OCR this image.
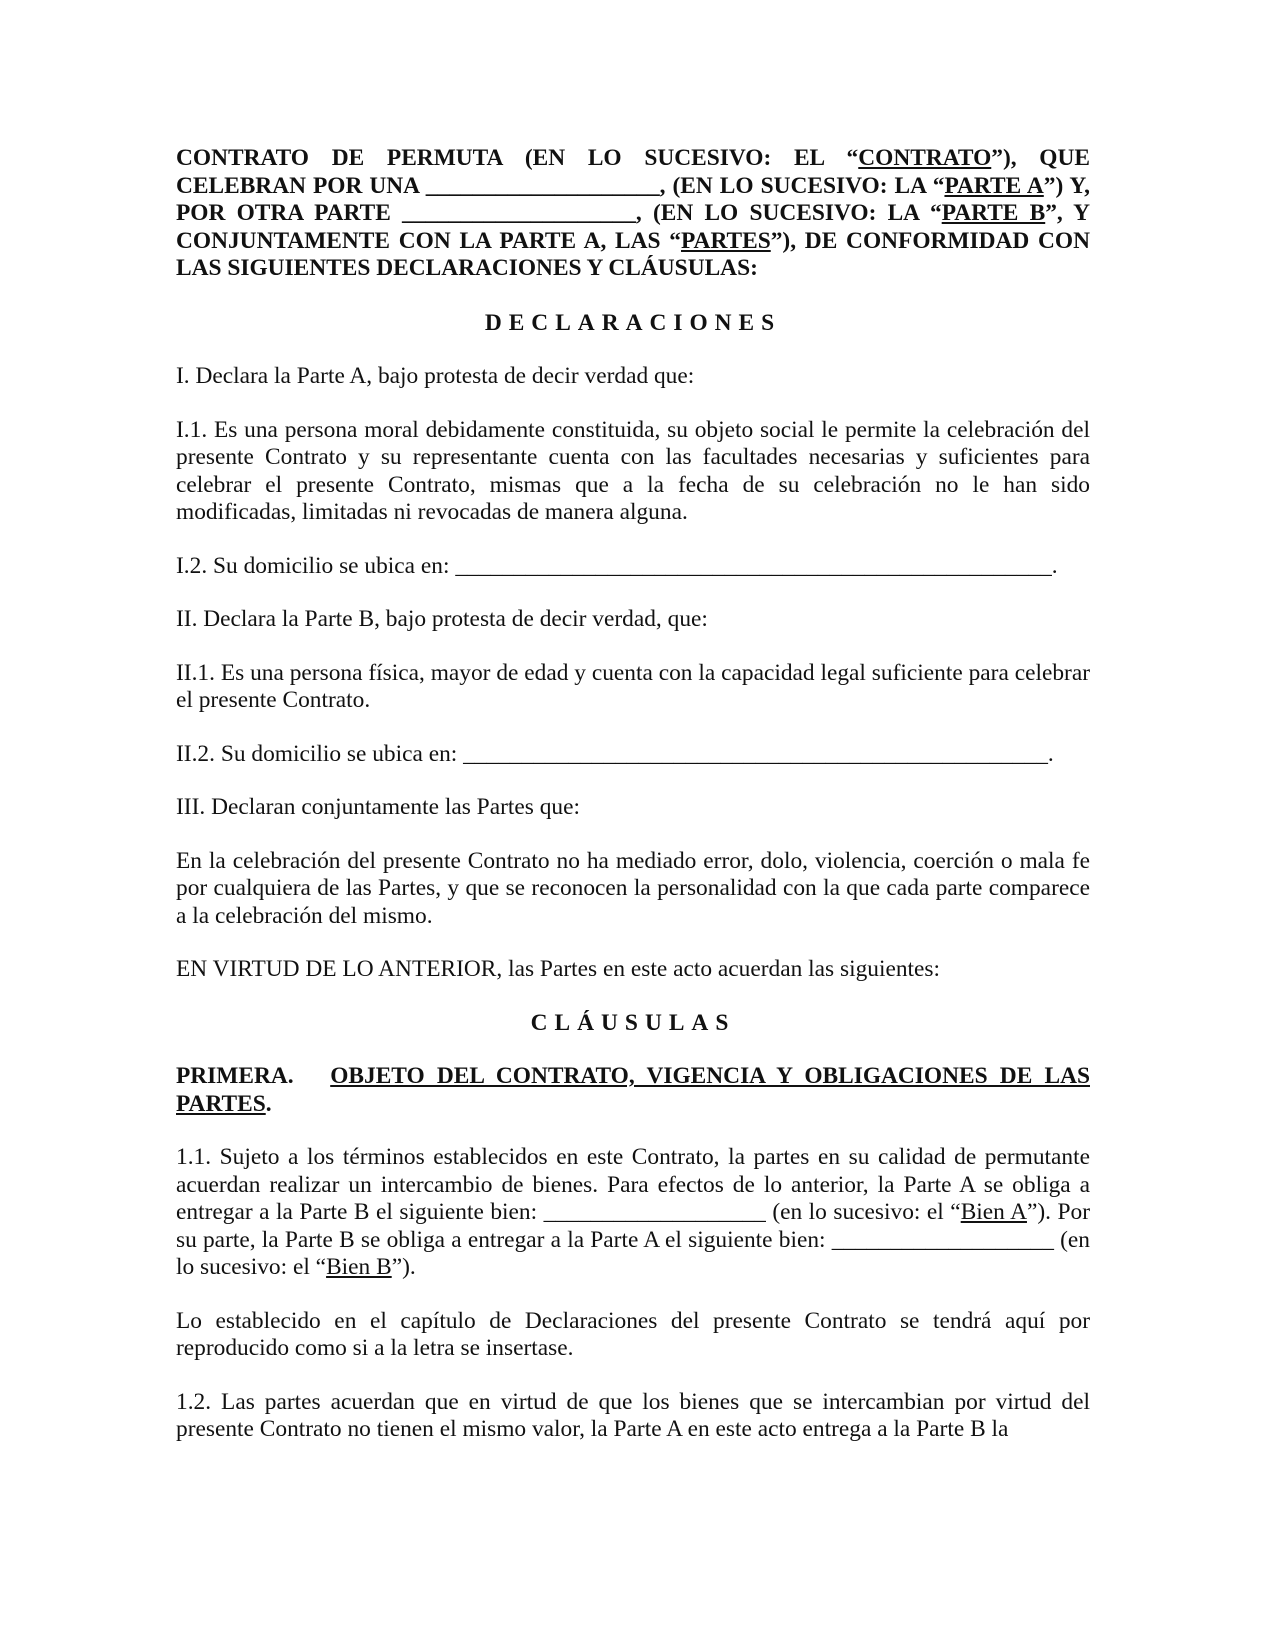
CONTRATO DE PERMUTA (EN LO SUCESIVO: EL “CONTRATO”), QUE CELEBRAN POR UNA ____________________, (EN LO SUCESIVO: LA “PARTE A”) Y, POR OTRA PARTE ____________________, (EN LO SUCESIVO: LA “PARTE B”, Y CONJUNTAMENTE CON LA PARTE A, LAS “PARTES”), DE CONFORMIDAD CON LAS SIGUIENTES DECLARACIONES Y CLÁUSULAS:

DECLARACIONES

I. Declara la Parte A, bajo protesta de decir verdad que:

I.1. Es una persona moral debidamente constituida, su objeto social le permite la celebración del presente Contrato y su representante cuenta con las facultades necesarias y suficientes para celebrar el presente Contrato, mismas que a la fecha de su celebración no le han sido modificadas, limitadas ni revocadas de manera alguna.

I.2. Su domicilio se ubica en: ___________________________________________________.

II. Declara la Parte B, bajo protesta de decir verdad, que:

II.1. Es una persona física, mayor de edad y cuenta con la capacidad legal suficiente para celebrar el presente Contrato.

II.2. Su domicilio se ubica en: __________________________________________________.

III. Declaran conjuntamente las Partes que:

En la celebración del presente Contrato no ha mediado error, dolo, violencia, coerción o mala fe por cualquiera de las Partes, y que se reconocen la personalidad con la que cada parte comparece a la celebración del mismo.

EN VIRTUD DE LO ANTERIOR, las Partes en este acto acuerdan las siguientes:

CLÁUSULAS

PRIMERA. OBJETO DEL CONTRATO, VIGENCIA Y OBLIGACIONES DE LAS PARTES.

1.1. Sujeto a los términos establecidos en este Contrato, la partes en su calidad de permutante acuerdan realizar un intercambio de bienes. Para efectos de lo anterior, la Parte A se obliga a entregar a la Parte B el siguiente bien: ___________________ (en lo sucesivo: el “Bien A”). Por su parte, la Parte B se obliga a entregar a la Parte A el siguiente bien: ___________________ (en lo sucesivo: el “Bien B”).

Lo establecido en el capítulo de Declaraciones del presente Contrato se tendrá aquí por reproducido como si a la letra se insertase.

1.2. Las partes acuerdan que en virtud de que los bienes que se intercambian por virtud del presente Contrato no tienen el mismo valor, la Parte A en este acto entrega a la Parte B la
